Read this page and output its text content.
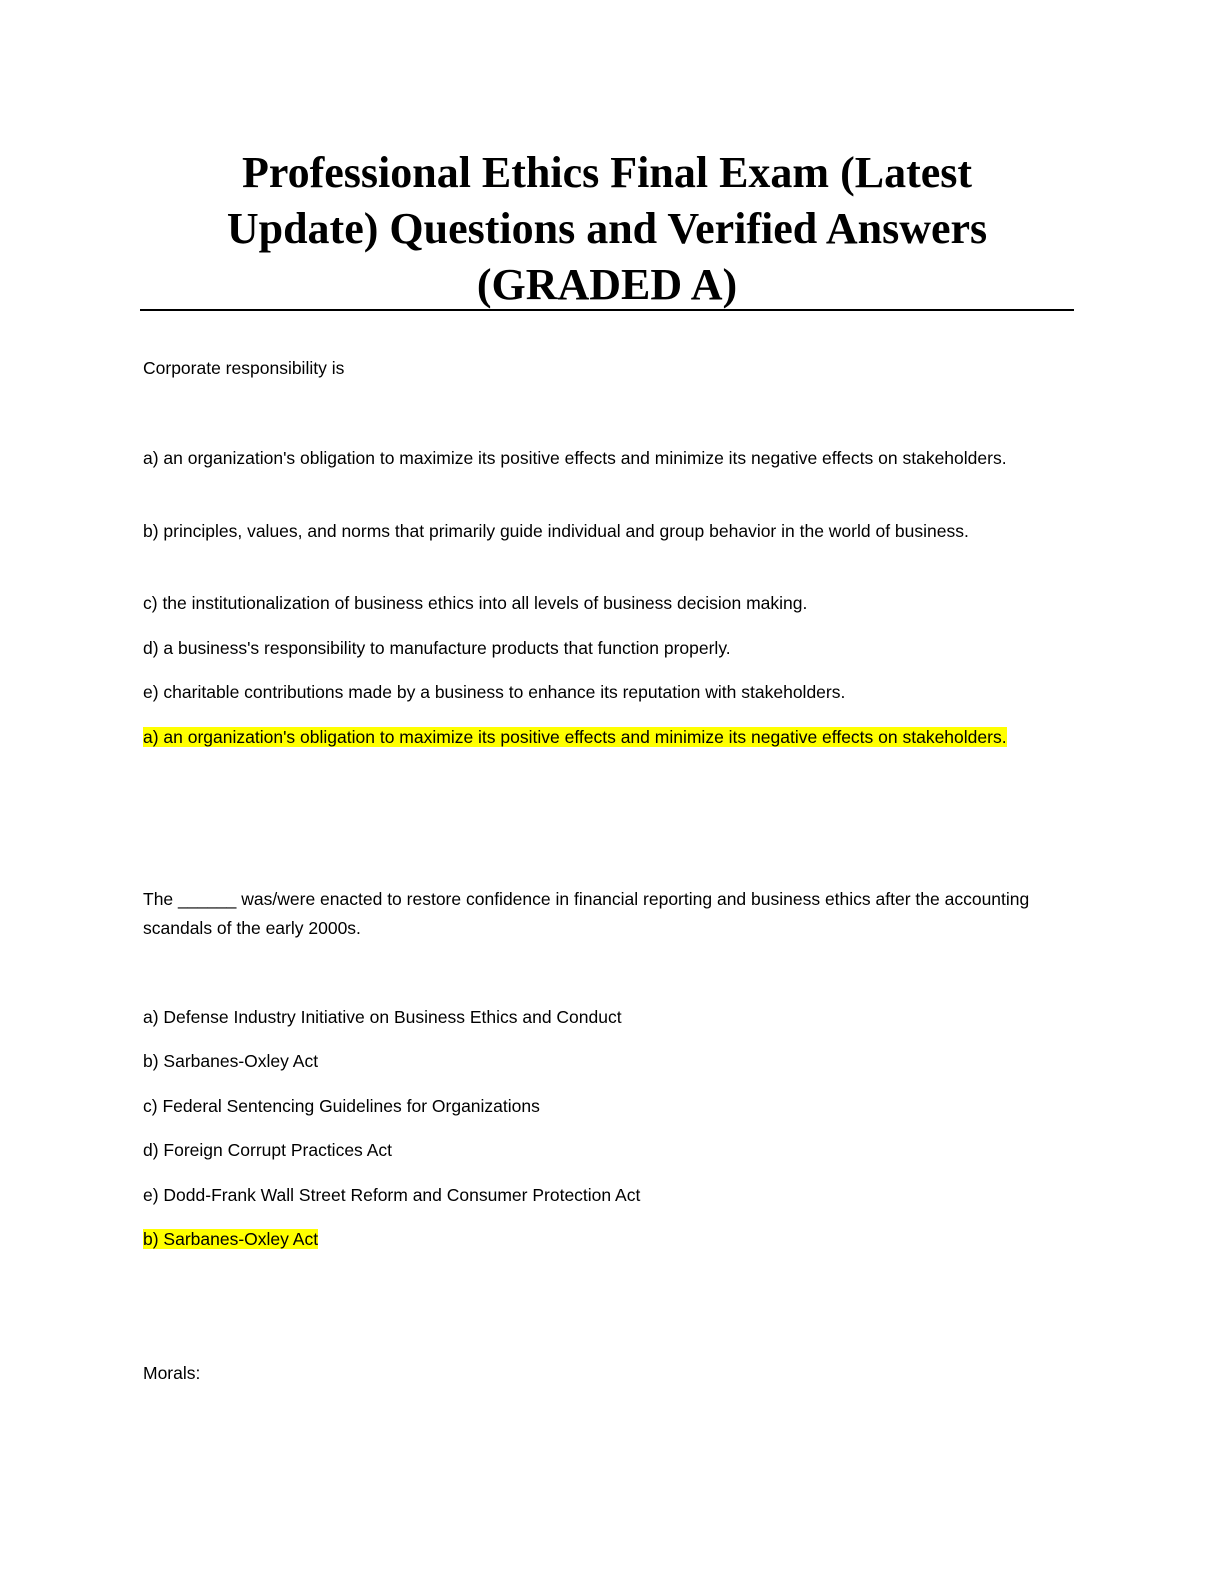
Professional Ethics Final Exam (Latest
Update) Questions and Verified Answers
(GRADED A)
Corporate responsibility is
a) an organization's obligation to maximize its positive effects and minimize its negative effects on stakeholders.
b) principles, values, and norms that primarily guide individual and group behavior in the world of business.
c) the institutionalization of business ethics into all levels of business decision making.
d) a business's responsibility to manufacture products that function properly.
e) charitable contributions made by a business to enhance its reputation with stakeholders.
a) an organization's obligation to maximize its positive effects and minimize its negative effects on stakeholders.
The ______ was/were enacted to restore confidence in financial reporting and business ethics after the accounting scandals of the early 2000s.
a) Defense Industry Initiative on Business Ethics and Conduct
b) Sarbanes-Oxley Act
c) Federal Sentencing Guidelines for Organizations
d) Foreign Corrupt Practices Act
e) Dodd-Frank Wall Street Reform and Consumer Protection Act
b) Sarbanes-Oxley Act
Morals:
